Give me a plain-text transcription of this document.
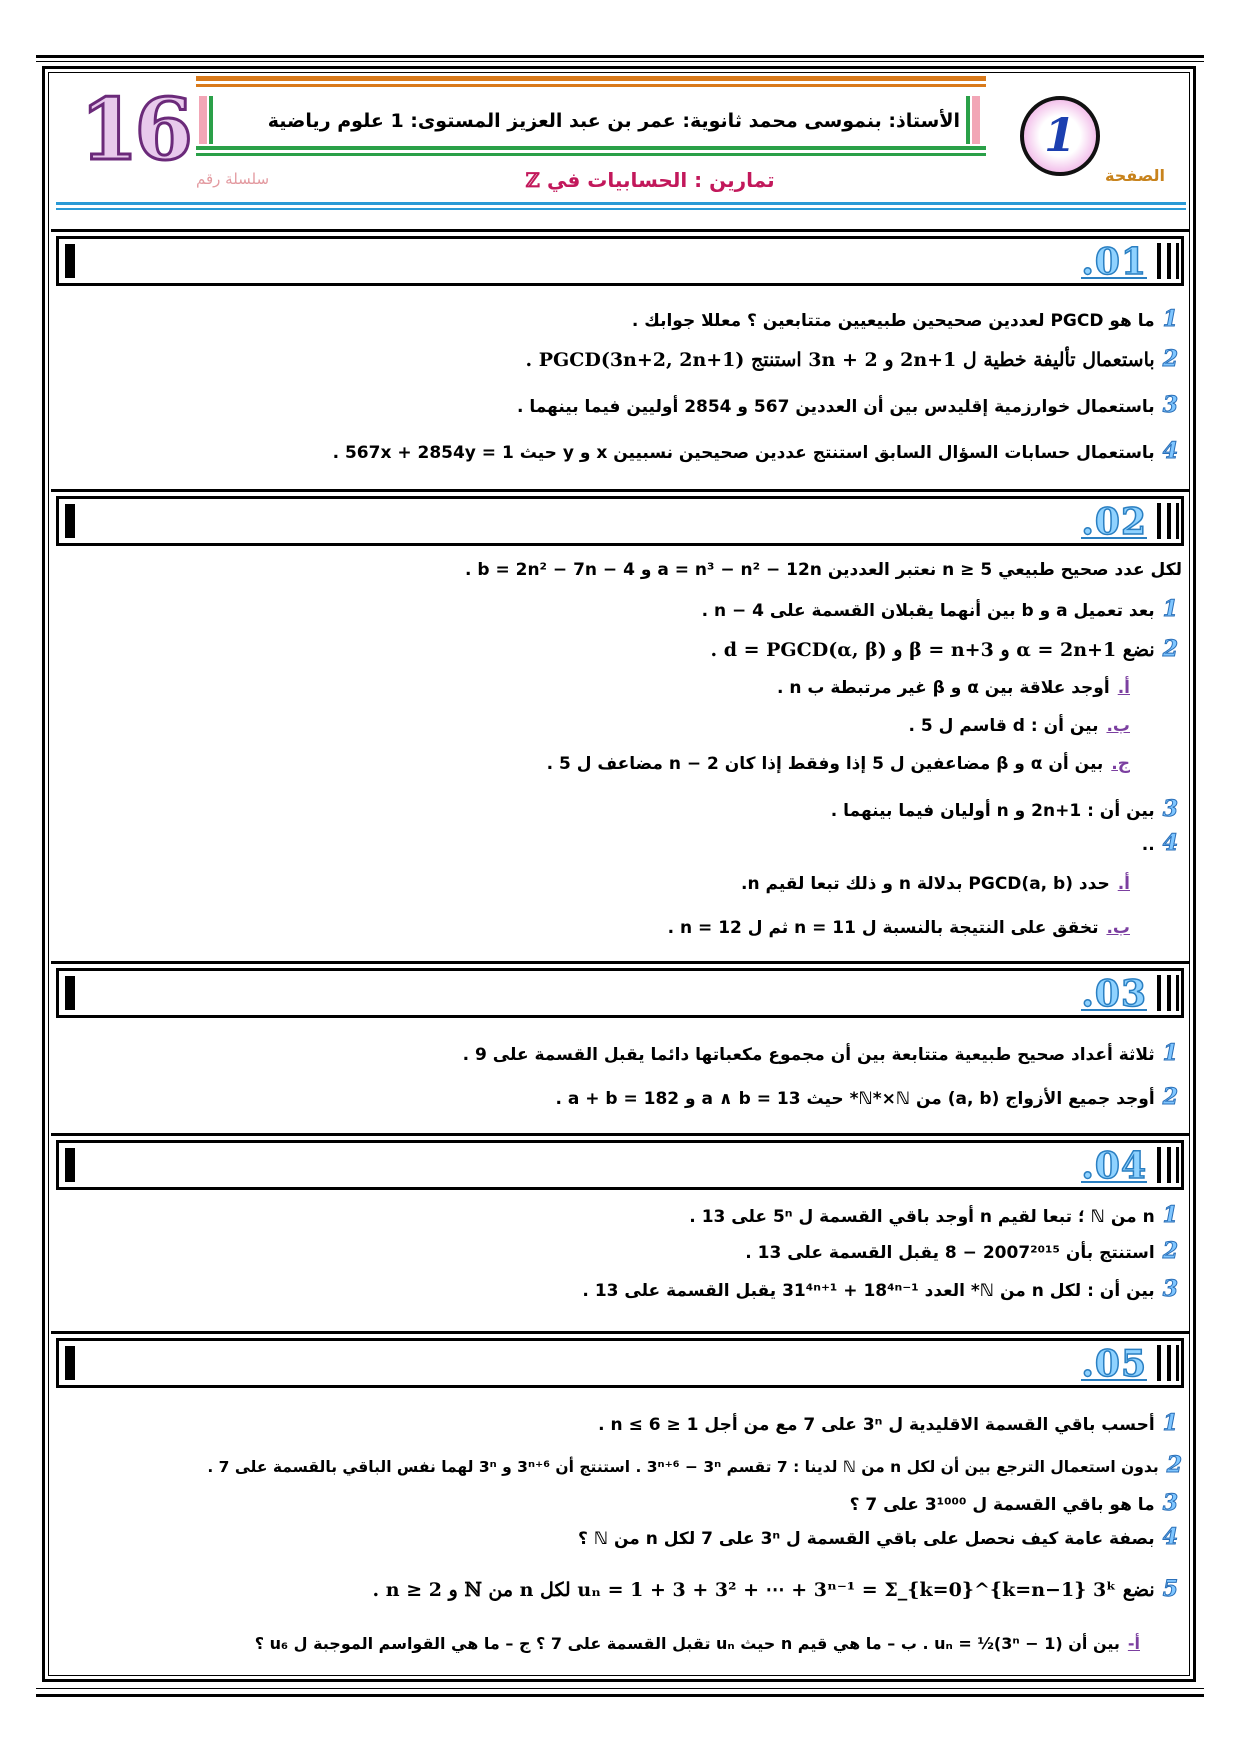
16	الأستاذ: بنموسى محمد ثانوية: عمر بن عبد العزيز المستوى: 1 علوم رياضية	1
الصفحة
سلسلة رقم	تمارين : الحسابيات في ℤ
.01
1ما هو PGCD لعددين صحيحين طبيعيين متتابعين ؟ معللا جوابك .
2باستعمال تأليفة خطية ل 2n+1 و 3n + 2 استنتج PGCD(3n+2, 2n+1) .
3باستعمال خوارزمية إقليدس بين أن العددين 567 و 2854 أوليين فيما بينهما .
4باستعمال حسابات السؤال السابق استنتج عددين صحيحين نسبيين x و y حيث 567x + 2854y = 1 .
.02
لكل عدد صحيح طبيعي n ≥ 5 نعتبر العددين a = n³ − n² − 12n و b = 2n² − 7n − 4 .
1بعد تعميل a و b بين أنهما يقبلان القسمة على n − 4 .
2نضع α = 2n+1 و β = n+3 و d = PGCD(α, β) .
أ.أوجد علاقة بين α و β غير مرتبطة ب n .
ب.بين أن : d قاسم ل 5 .
ج.بين أن α و β مضاعفين ل 5 إذا وفقط إذا كان n − 2 مضاعف ل 5 .
3بين أن : 2n+1 و n أوليان فيما بينهما .
4..
أ.حدد PGCD(a, b) بدلالة n و ذلك تبعا لقيم n.
ب.تخقق على النتيجة بالنسبة ل n = 11 ثم ل n = 12 .
.03
1ثلاثة أعداد صحيح طبيعية متتابعة بين أن مجموع مكعباتها دائما يقبل القسمة على 9 .
2أوجد جميع الأزواج (a, b) من ℕ*×ℕ* حيث a ∧ b = 13 و a + b = 182 .
.04
1n من ℕ ؛ تبعا لقيم n أوجد باقي القسمة ل 5ⁿ على 13 .
2استنتج بأن 2007²⁰¹⁵ − 8 يقبل القسمة على 13 .
3بين أن : لكل n من ℕ* العدد 31⁴ⁿ⁺¹ + 18⁴ⁿ⁻¹ يقبل القسمة على 13 .
.05
1أحسب باقي القسمة الاقليدية ل 3ⁿ على 7 مع من أجل 1 ≤ n ≤ 6 .
2بدون استعمال الترجع بين أن لكل n من ℕ لدينا : 7 تقسم 3ⁿ⁺⁶ − 3ⁿ . استنتج أن 3ⁿ⁺⁶ و 3ⁿ لهما نفس الباقي بالقسمة على 7 .
3ما هو باقي القسمة ل 3¹⁰⁰⁰ على 7 ؟
4بصفة عامة كيف نحصل على باقي القسمة ل 3ⁿ على 7 لكل n من ℕ ؟
5نضع uₙ = 1 + 3 + 3² + ⋯ + 3ⁿ⁻¹ = Σ_{k=0}^{k=n−1} 3ᵏ لكل n من ℕ و n ≥ 2 .
أ-بين أن uₙ = ½(3ⁿ − 1) . ب – ما هي قيم n حيث uₙ تقبل القسمة على 7 ؟ ج – ما هي القواسم الموجبة ل u₆ ؟
